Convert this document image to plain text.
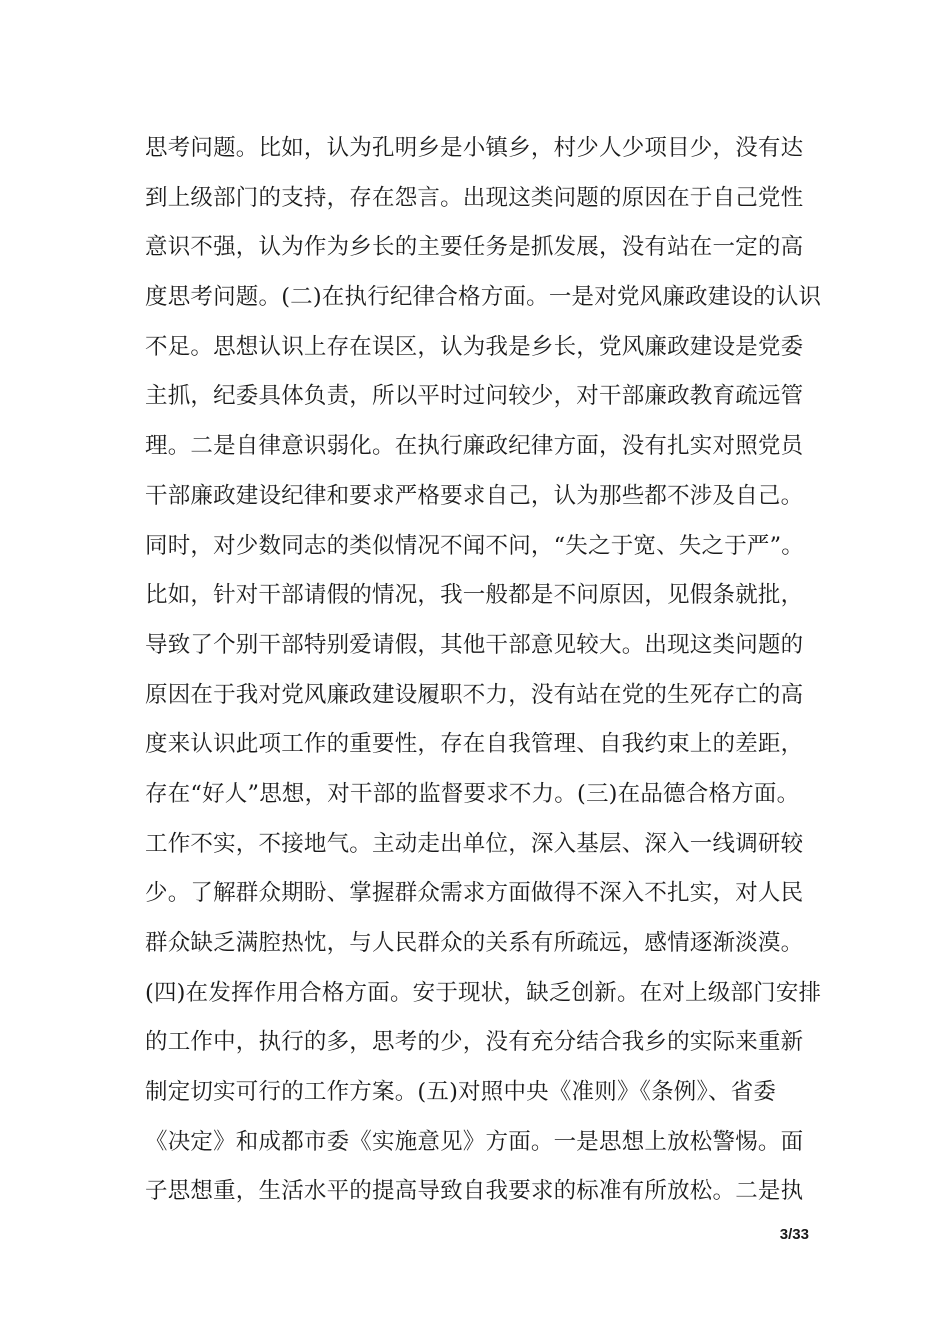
思考问题。比如，认为孔明乡是小镇乡，村少人少项目少，没有达
到上级部门的支持，存在怨言。出现这类问题的原因在于自己党性
意识不强，认为作为乡长的主要任务是抓发展，没有站在一定的高
度思考问题。(二)在执行纪律合格方面。一是对党风廉政建设的认识
不足。思想认识上存在误区，认为我是乡长，党风廉政建设是党委
主抓，纪委具体负责，所以平时过问较少，对干部廉政教育疏远管
理。二是自律意识弱化。在执行廉政纪律方面，没有扎实对照党员
干部廉政建设纪律和要求严格要求自己，认为那些都不涉及自己。
同时，对少数同志的类似情况不闻不问，“失之于宽、失之于严”。
比如，针对干部请假的情况，我一般都是不问原因，见假条就批，
导致了个别干部特别爱请假，其他干部意见较大。出现这类问题的
原因在于我对党风廉政建设履职不力，没有站在党的生死存亡的高
度来认识此项工作的重要性，存在自我管理、自我约束上的差距，
存在“好人”思想，对干部的监督要求不力。(三)在品德合格方面。
工作不实，不接地气。主动走出单位，深入基层、深入一线调研较
少。了解群众期盼、掌握群众需求方面做得不深入不扎实，对人民
群众缺乏满腔热忱，与人民群众的关系有所疏远，感情逐渐淡漠。
(四)在发挥作用合格方面。安于现状，缺乏创新。在对上级部门安排
的工作中，执行的多，思考的少，没有充分结合我乡的实际来重新
制定切实可行的工作方案。(五)对照中央《准则》《条例》、省委
《决定》和成都市委《实施意见》方面。一是思想上放松警惕。面
子思想重，生活水平的提高导致自我要求的标准有所放松。二是执
3/33
